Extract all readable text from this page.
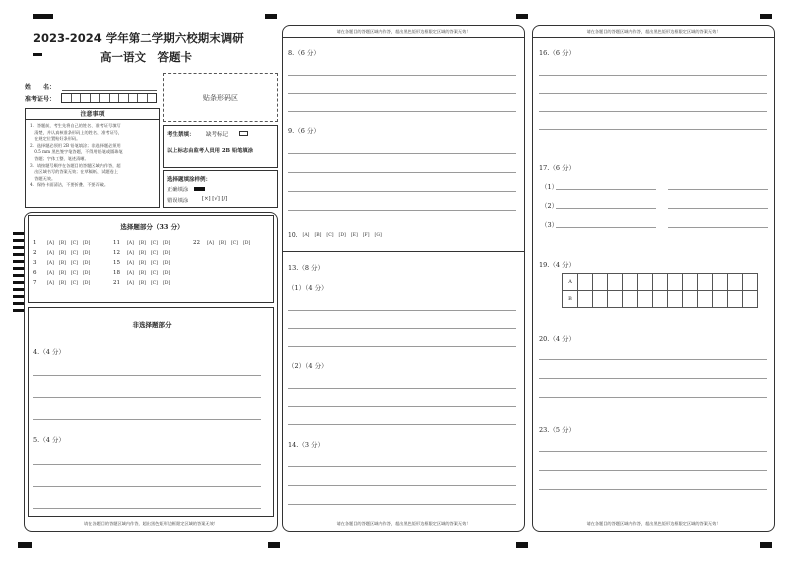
2023-2024 学年第二学期六校期末调研
高一语文　答题卡
姓　　名：
准考证号：	贴条形码区
注意事项
1．答题前，考生先将自己的姓名、准考证号填写
　清楚，并认真核准条形码上的姓名、准考证号，
　在规定位置贴好条形码。
2．选择题必须用 2B 铅笔填涂；非选择题必须用
　0.5 mm 黑色签字笔答题，不得用铅笔或圆珠笔
　答题；字体工整、笔迹清晰。
3．请按题号顺序在各题目的答题区域内作答，超
　出区域书写的答案无效；在草稿纸、试题卷上
　答题无效。
4．保持卡面清洁，不要折叠、不要弄破。
考生禁填： 缺考标记
以上标志由监考人员用 2B 铅笔填涂
选择题填涂样例：
正确填涂
错误填涂	[×] [√] [/]
选择题部分（33 分）
1	[A] [B] [C] [D]
2	[A] [B] [C] [D]
3	[A] [B] [C] [D]
6	[A] [B] [C] [D]
7	[A] [B] [C] [D]
11	[A] [B] [C] [D]
12	[A] [B] [C] [D]
15	[A] [B] [C] [D]
18	[A] [B] [C] [D]
21	[A] [B] [C] [D]
22	[A] [B] [C] [D]
非选择题部分
4.（4 分）
5.（4 分）
请在各题目的答题区域内作答，超出黑色矩形边框限定区域的答案无效！
请在各题目的答题区域内作答，超出黑色矩形边框限定区域的答案无效！
请在各题目的答题区域内作答，超出黑色矩形边框限定区域的答案无效！
8.（6 分）
9.（6 分）
10. [A] [B] [C] [D] [E] [F] [G]
13.（8 分）
（1）（4 分）
（2）（4 分）
14.（3 分）
请在各题目的答题区域内作答，超出黑色矩形边框限定区域的答案无效！
请在各题目的答题区域内作答，超出黑色矩形边框限定区域的答案无效！
16.（6 分）
17.（6 分）
（1）
（2）
（3）
19.（4 分）
A												
B												
20.（4 分）
23.（5 分）
